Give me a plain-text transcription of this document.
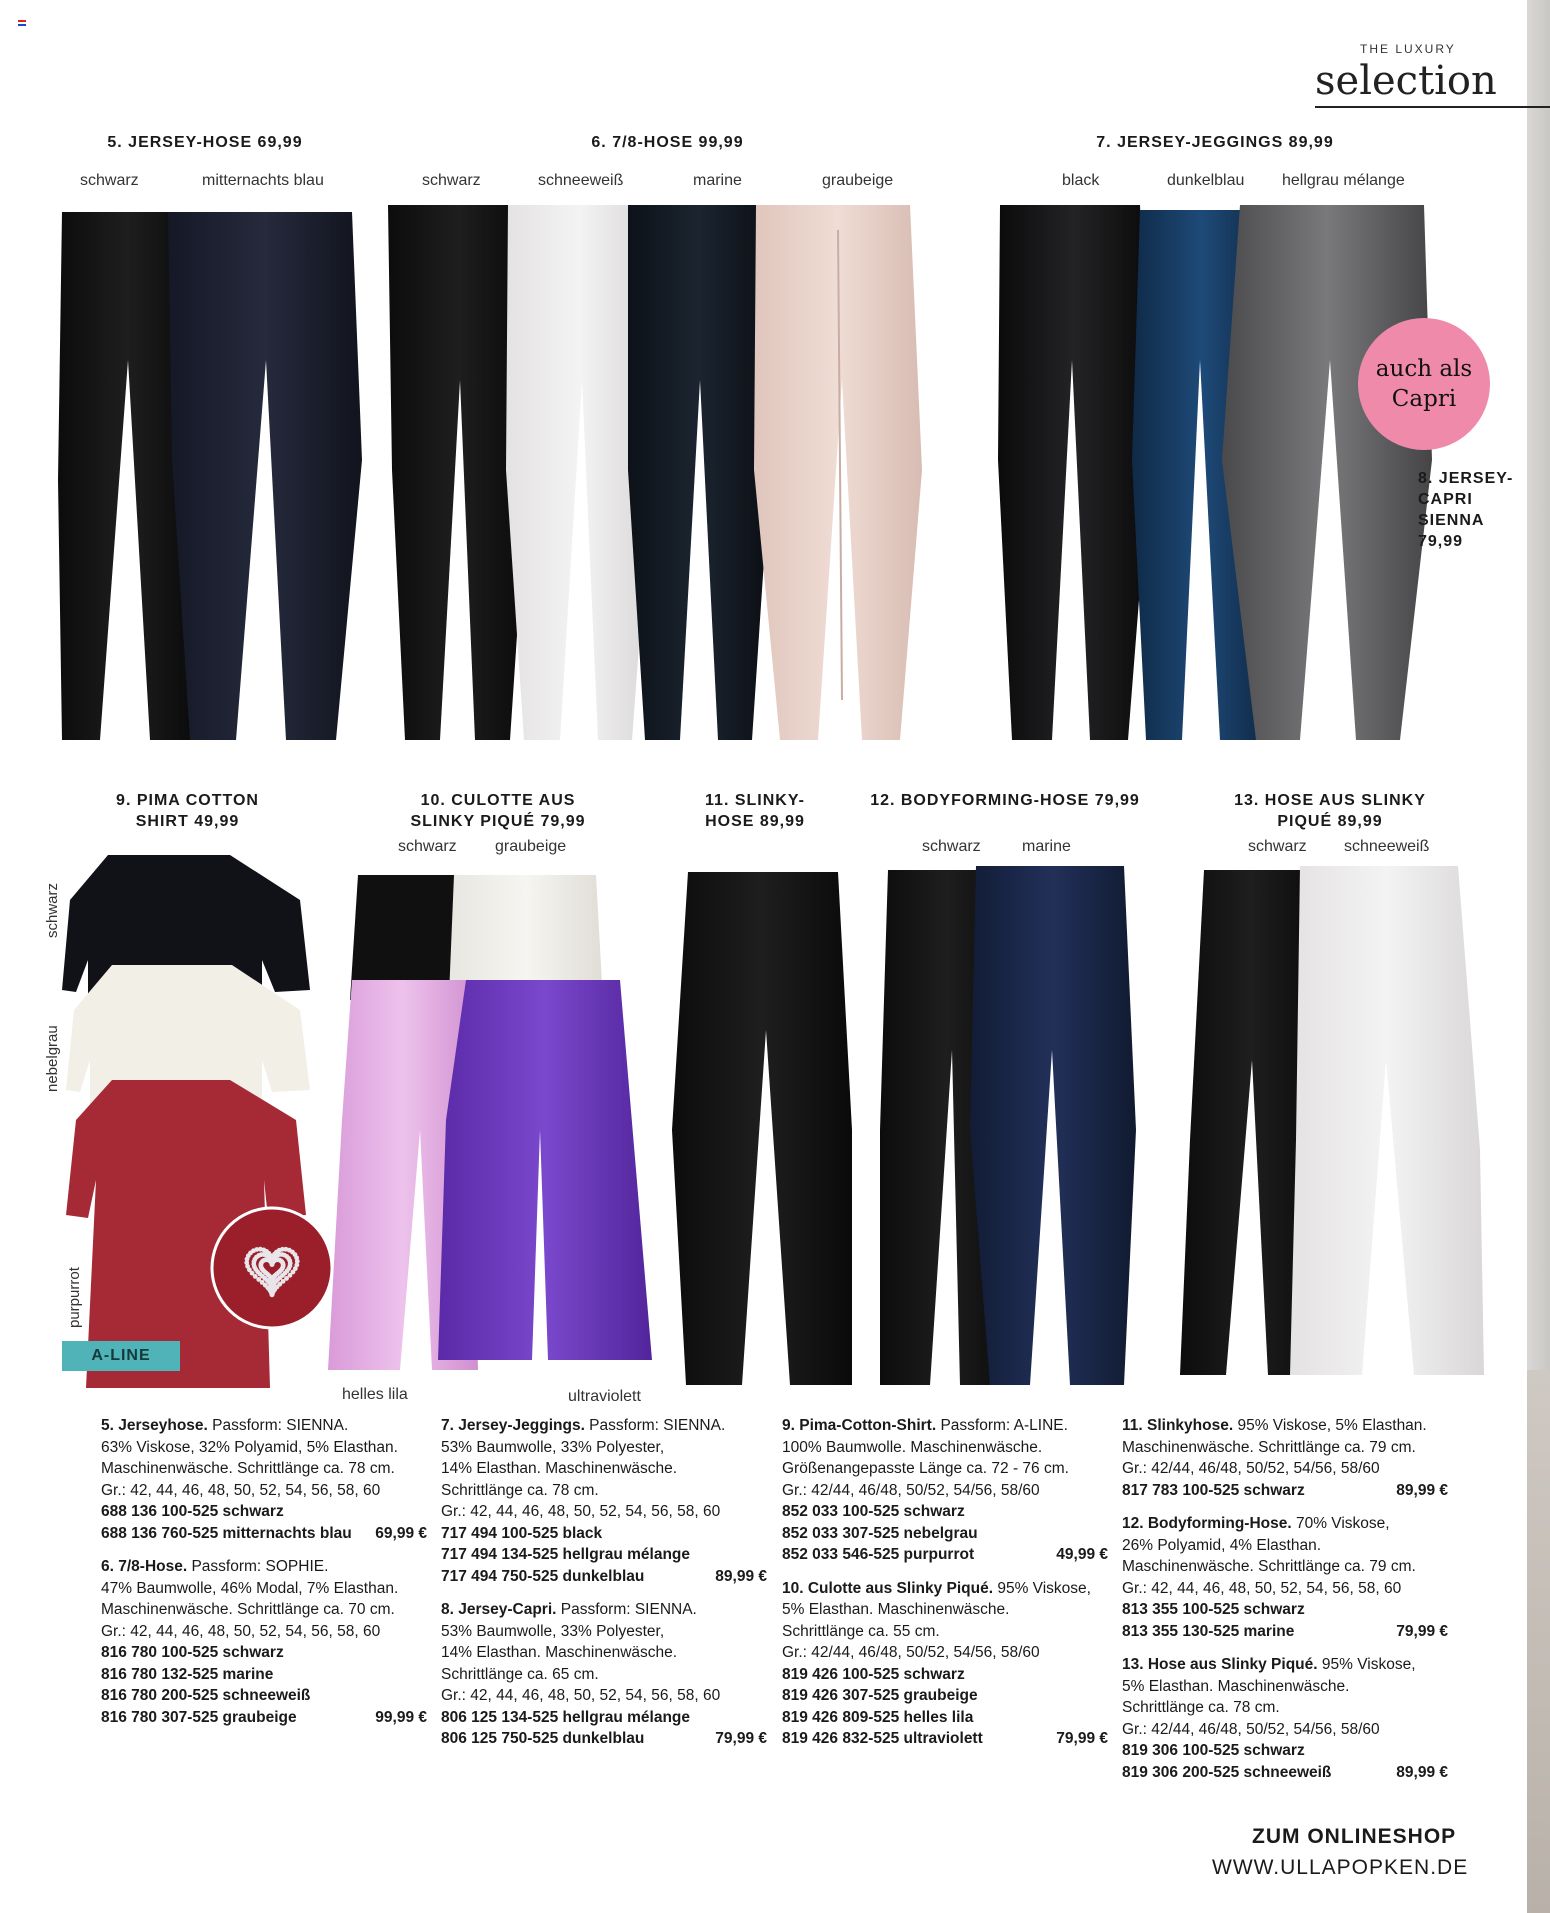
THE LUXURY
selection
5. JERSEY-HOSE 69,99
schwarz	mitternachts blau
6. 7/8-HOSE 99,99
schwarz	schneeweiß	marine	graubeige
7. JERSEY-JEGGINGS 89,99
black	dunkelblau hellgrau mélange
auch als
Capri
8. JERSEY-
CAPRI
SIENNA
79,99
9. PIMA COTTON
SHIRT 49,99
schwarz
nebelgrau
purpurrot
A-LINE
10. CULOTTE AUS
SLINKY PIQUÉ 79,99
schwarz graubeige
helles lila	ultraviolett
11. SLINKY-
HOSE 89,99
12. BODYFORMING-HOSE 79,99
schwarz	marine
13. HOSE AUS SLINKY
PIQUÉ 89,99
schwarz schneeweiß
5. Jerseyhose. Passform: SIENNA.
63% Viskose, 32% Polyamid, 5% Elasthan.
Maschinenwäsche. Schrittlänge ca. 78 cm.
Gr.: 42, 44, 46, 48, 50, 52, 54, 56, 58, 60
688 136 100-525 schwarz
688 136 760-525 mitternachts blau 69,99 €
6. 7/8-Hose. Passform: SOPHIE.
47% Baumwolle, 46% Modal, 7% Elasthan.
Maschinenwäsche. Schrittlänge ca. 70 cm.
Gr.: 42, 44, 46, 48, 50, 52, 54, 56, 58, 60
816 780 100-525 schwarz
816 780 132-525 marine
816 780 200-525 schneeweiß
816 780 307-525 graubeige	99,99 €
7. Jersey-Jeggings. Passform: SIENNA.
53% Baumwolle, 33% Polyester,
14% Elasthan. Maschinenwäsche.
Schrittlänge ca. 78 cm.
Gr.: 42, 44, 46, 48, 50, 52, 54, 56, 58, 60
717 494 100-525 black
717 494 134-525 hellgrau mélange
717 494 750-525 dunkelblau	89,99 €
8. Jersey-Capri. Passform: SIENNA.
53% Baumwolle, 33% Polyester,
14% Elasthan. Maschinenwäsche.
Schrittlänge ca. 65 cm.
Gr.: 42, 44, 46, 48, 50, 52, 54, 56, 58, 60
806 125 134-525 hellgrau mélange
806 125 750-525 dunkelblau	79,99 €
9. Pima-Cotton-Shirt. Passform: A-LINE.
100% Baumwolle. Maschinenwäsche.
Größenangepasste Länge ca. 72 - 76 cm.
Gr.: 42/44, 46/48, 50/52, 54/56, 58/60
852 033 100-525 schwarz
852 033 307-525 nebelgrau
852 033 546-525 purpurrot	49,99 €
10. Culotte aus Slinky Piqué. 95% Viskose,
5% Elasthan. Maschinenwäsche.
Schrittlänge ca. 55 cm.
Gr.: 42/44, 46/48, 50/52, 54/56, 58/60
819 426 100-525 schwarz
819 426 307-525 graubeige
819 426 809-525 helles lila
819 426 832-525 ultraviolett	79,99 €
11. Slinkyhose. 95% Viskose, 5% Elasthan.
Maschinenwäsche. Schrittlänge ca. 79 cm.
Gr.: 42/44, 46/48, 50/52, 54/56, 58/60
817 783 100-525 schwarz	89,99 €
12. Bodyforming-Hose. 70% Viskose,
26% Polyamid, 4% Elasthan.
Maschinenwäsche. Schrittlänge ca. 79 cm.
Gr.: 42, 44, 46, 48, 50, 52, 54, 56, 58, 60
813 355 100-525 schwarz
813 355 130-525 marine	79,99 €
13. Hose aus Slinky Piqué. 95% Viskose,
5% Elasthan. Maschinenwäsche.
Schrittlänge ca. 78 cm.
Gr.: 42/44, 46/48, 50/52, 54/56, 58/60
819 306 100-525 schwarz
819 306 200-525 schneeweiß	89,99 €
ZUM ONLINESHOP
WWW.ULLAPOPKEN.DE
